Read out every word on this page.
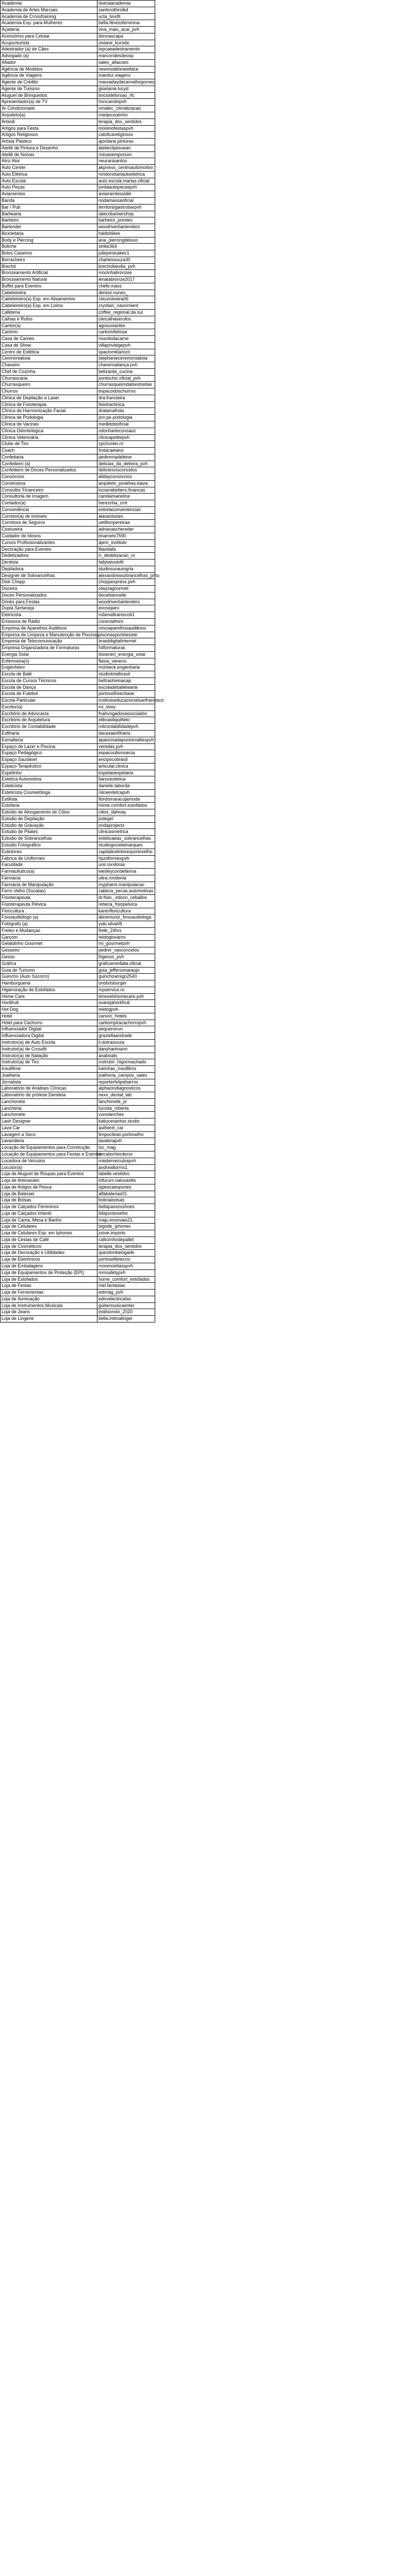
Academia	dsenaacademia
Academia de Artes Marciais	santorothirstkd
Academia de Crossfraining	ucta_boxfit
Academia Esp. para Mulheres	bella.fitnessfeminina
Açaiteria	viva_mais_acai_pvh
Acessórios para Celular	donnascapa
Acupunturista	viviane_kuroda
Adestrador (a) de Cães	topcaeadestramento
Advogado (a)	marcondesdeoop
Afiador	sales_afiacoes
Agência de Modelos	newmodelsnewface
Agência de Viagens	mamtur.viagens
Agente de Crédito	mauradaydecarvalhogomes
Agente de Turismo	giselame.lucyd
Aluguel de Brinquedos	briciodeforsao_rfc
Apresentador(a) de TV	honcaroliopvh
Ar Condicionado	nmatec_climatizacao
Arquiteto(a)	mietjecoutinho
Artesã	terapia_dos_sentidos
Artigos para Festa	morenofestaspvh
Artigos Religiosos	catolicareligiosos
Artista Plástico	ajordane.pinturas
Ateliê de Pintura e Desenho	atelieclipessean
Ateliê de Noivas	noivasemporium
Atriz Ator	neuranisantos
Auto Center	akpneus_centroautomotivo
Auto Elétrica	rondonstartautoeletrica
Auto Escola	auto.escola.marias.oficial
Auto Peças	jordaautopecaspvh
Aviamentos	aviamentossider
Banda	nodamassaoficial
Bar / Pub	territoriogastrobarpvh
Barbearia	iatecobarbershop
Barbeiro	barbeiro_prestes
Bartender	woodriverbartenders
Bicicletaria	haldobikes
Body e Piercing	ana_piercingdeluxo
Boliche	strike364
Bolos Caseiros	juliepimicakes1
Borracheiro	charlessouza30
Brechó	brechollandia_pvh
Bronzeamento Artificial	mocinhabronzee
Bronzeamento Natural	lenatabronze2017
Buffet para Eventos	chefe.maxs
Cabeleireira	denize.nunes_
Cabeleireiro(a) Esp. em Alisamentos	cleuzoliveira06
Cabeleireiro(a) Esp. em Loiros	crystian_nascimient
Cafeteria	coffee_regional.da.sul
Calhas e Rufos	cleicalhaserufos
Cantor(a)	agosuviantes
Cartório	cartoriofeitosa
Casa de Carnes	mundodacarne
Casa de Show	villaprivilegepvh
Centro de Estética	spaciomklarozo
Cerimonialista	stephanieceremonialista
Chaveiro	chaveroaliança.pvh
Chef de Cozinha	belizarda_cucina
Churrascaria	pontochic.oficial_pvh
Churrasqueiro	churrasqueirodatsestreitas
Churros	espacodoschurros
Clinica de Depilação a Laser	dra.francieira
Clínica de Fisioterapia	fisiotraclinica
Clínica de Harmonização Facial	dratainafrota
Clínica de Podologia	pro.pe.podologia
Clínica de Vacinas	medktobioficial
Clínica Odontológica	odonharteconsaoz
Clínica Veterinária	clinicapetitepvh
Clube de Tiro	cpchunter.ro
Coach	frotacaetano
Confeitaria	jardimmadeleine
Confeiteiro (a)	delicias_da_debora_pvh
Confeiteiro de Doces Personalizados	deliciesvisconcelos
Consórcios	alldayconsorcios
Construtora	arquiteto_jonathas.kaiza
Consultor Financeiro	lucianabettero.financas
Consultoria de Imagem	camilamarieline
Contador(a)	hereznha_cmt
Conveniência	estrelaconveniencias
Corretor(a) de Imóveis	alasantunes
Corretora de Seguros	uetiltonpereiraa
Costureira	adrianaschereder
Cuidador de Idosos	bnameto7590
Cursos Profissionalizantes	ajero_instituto
Decoração para Eventos	fitandafa
Dedetizadora	rr_dedetizacao_ro
Dentista	fallytatoolofti
Depiladora	studiosuraumgria
Designer de Sobrancelhas	alexandreasobrancelhas_pmu
Disk Chopp	choppexpress.pvh
Doceira	otayzagourmet
Doces Personalizados	docebiancelle
Drinks para Festas	woodriverbartenders
Dupla Sertaneja	evosejairo
Eletricista	rubenaltranisco61
Emissora de Rádio	conectafmro
Empresa de Aparelhos Auditivos	novoaparelhosauditivos
Empresa de Limpeza e Manutenção de Piscinas	piscinaspontoesete
Empresa de Telecomunicação	brasildigitalinternet
Empresa Organizadora de Formaturas	hdformaturas
Energia Solar	itsoeneri_energia_solar
Enfermeira(o)	flavia_veneno
Engenheiro	morbeck.engenharia
Escola de Balé	studiototalbrasil
Escola de Cursos Técnicos	beltraotreinacap
Escola de Dança	escoladeballetearte
Escola de Futebol	portovelhoecbase
Escola Particular	institutoeducacionalsaofrancisco
Escritor(a)	mi_strey
Escritório de Advocacia	fnahvogadosassociados
Escritório de Arquitetura	elibrasiliquitteto
Escritório de Contabilidade	milcontabilidadepvh
Esfiharia	dacasaesfiharia
Esmalteria	apaixonadaporesmaltespvh
Espaço de Lazer e Piscina	veredas.pvh
Espaço Pedagógico	espacoutismoecia
Espaço Saudável	encipocobrasil
Espaço Terapêutico	articular.clinica
Espetinho	espetaoespetaria
Estética Automotiva	barucestetica
Esteticista	daniele.taborda
Esteticista Cosmetóloga	nilceestetcapvh
Estilista	flordomaracujamoda
Estofaria	home.comfort.estofados
Estúdio de Alongamento de Cílios	cilios_dahnay
Estúdio de Depilação	jodegel
Estúdio de Gravação	ondaprojects
Estúdio de Pilates	clinicasmetrica
Estúdio de Sobrancelhas	esteticaeas_sobrancelhas
Estúdio Fotográfico	studiogocieteinarques
Extintores	capitalextintoresportovelho
Fábrica de Uniformes	hjuniformespvh
Faculdade	unir.rondonia
Farmacêutico(a)	wesleycondefarma
Farmácia	ultra.rondonia
Farmácia de Manipulação	mypharm.manipulacao
Ferro Velho (Sucatas)	cabeca_pecas.automotivas
Fisioterapeuta	dr.fisio._edson_ceballos
Fisioterapeuta Pélvica	rebeca_fisiopelvica
Floricultura	karenfloricultura
Fonoaudiólogo (a)	alinemuniz_fonoaudiologa
Fotógrafo (a)	yuki.silva08
Fretes e Mudanças	frete_24hrs
Garçom	reidogiovanni
Gelatdinho Gourmet	mi_gourmetpvh
Gesseiro	pedrer_vasconcelos
Gesso	lhgesso_pvh
Gráfica	graficamediata.oficial
Guia de Turismo	guia_jeffersonaraujo
Guincho (Auto Socorro)	guinchoamigo2540
Hamburgueria	onobrisburger
Higienização de Estofados	mpservice.ro
Home Care	timexelshomecare.pvh
Hortifruti	ovarejahortifruti
Hot Dog	reidogpvh
Hotel	carson_hotels
Hotel para Cachorro	carbompiracachorropvh
Influenciador Digital	pequenorun
Influenciadora Digital	graziellaandrade
Instrutor(a) de Auto Escola	li.dutrasouza
Instrutor(a) de Crossfit	danyhartmann
Instrutor(a) de Natação	anaboats
Instrutor(a) de Tiro	instrutor_higormachado
Insulfilme	lukinhas_insulfilms
Joalheria	joalheria_campos_sales
Jornalista	reporterfelipebarros
Laboratório de Análises Clínicas	alphacindiagnosticos
Laboratório de prótese Dentária	nexx_dental_lab
Lanchonete	lanchonete_pi
Lancheria	lucoda_roberta
Lanchonete	vunolanches
Lash Designer	katiucesantos.studio
Lava Car	authenti_car
Lavagem a Seco	limpocilean.portovelho
Lavanderia	lavaterapvh
Locação de Equipamentos para Construção	loc_mag
Locação de Equipamentos para Festas e Eventos	ericaborherdecor
Locadora de Veículos	masterveiculospvh
Locutor(a)	andrealtorms1
Loja de Aluguel de Roupas para Eventos	labelle.vestidos
Loja de Artesanato	tofurum.naluvastte
Loja de Artigos de Pesca	ojpescaesportes
Loja de Baterias	alfabaterias01
Loja de Bolsas	boliciabolsas
Loja de Calçados Femininos	bellapassosshoes
Loja de Calçados Infantil	bibipontovelho
Loja de Cama, Mesa e Banho	maju.enxovais21
Loja de Celulares	bigode_iphones
Loja de Celulares Esp. em Iphones	jnove.imports
Loja de Cestas de Café	cafezinhodepallet
Loja de Cosméticos	terapia_dos_sentidos
Loja de Decoração e Utilidades	questionbelogade
Loja de Eletrônicos	portosellletecno
Loja de Embalagens	morenoetiasspvh
Loja de Equipamentos de Proteção (EPI)	mmsafetypvh
Loja de Estofados	home_comfort_estofados
Loja de Festas	mel.fantasias
Loja de Ferramentas	edimag_pvh
Loja de Iluminação	edirvelectricalso
Loja de Instrumentos Musicais	guitarmusicaenter
Loja de Jeans	estiloonvio_2020
Loja de Lingerie	bella.intimalinger
